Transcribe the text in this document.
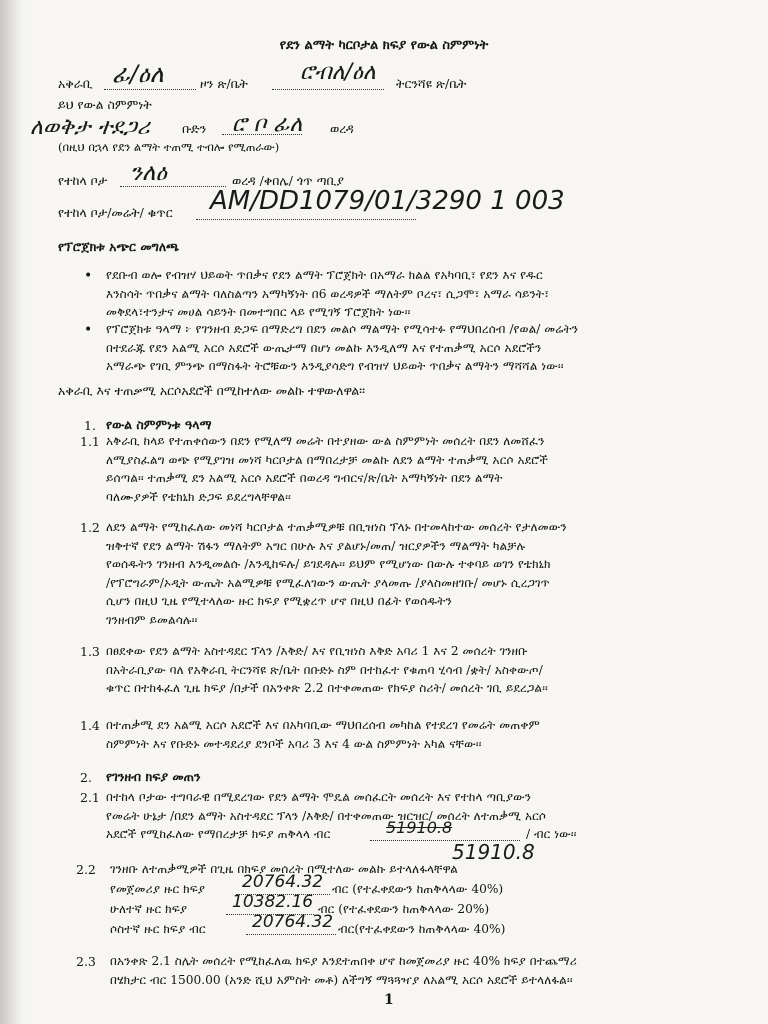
የደን ልማት ካርቦታል ክፍያ የውል ስምምነት
አቅራቢ ፊ/ዕለ	ዞን ጽ/ቤት ሮብለ/ዕለ ትርንሻዩ ጽ/ቤት
ይህ የውል ስምምነት
ለወቅታ ተደጋሪ	ቡድን ሮ ቦ ፊለ ወረዳ
(በዚህ በኋላ የደን ልማት ተጠሚ ተብሎ የሚጠራው)
የተከላ ቦታ ንለዕ	ወረዳ /ቀበሌ/ ጎጥ ጣቢያ
የተከላ ቦታ/መሬት/ ቁጥር AM/DD1079/01/3290 1 003
የፕሮጀክቱ አጭር መግለጫ
• የደቡብ ወሎ የብዝሃ ህይወት ጥበቃና የደን ልማት ፕሮጀክት በአማራ ክልል የአካባቢ፣ የደን እና የዱር
እንስሳት ጥበቃና ልማት ባለስልጣን አማካኝነት በ6 ወረዳዎች ማለትም ቦረና፣ ሲጋሞ፣ አማራ ሳይንት፣
መቅደላ፣ተንታና መሀል ሳይንት በመተግበር ላይ የሚገኝ ፕሮጀክት ነው፡፡
• የፕሮጀክቱ ዓላማ ፦ የገንዘብ ድጋፍ በማድረግ በደን መልሶ ማልማት የሚሳተፉ የማህበረሰብ /የወል/ መሬትን
በተደራጁ የደን አልሚ አርሶ አደሮች ውጤታማ በሆነ መልኩ እንዲለማ እና የተጠቃሚ አርሶ አደሮችን
አማራጭ የገቢ ምንጭ በማስፋት ትሮቹውን እንዲያሳድግ የብዝሃ ህይወት ጥበቃና ልማትን ማሻሻል ነው፡፡
አቅራቢ እና ተጠቃሚ አርሶአደሮች በሚከተለው መልኩ ተዋውለዋል፡፡
1. የውል ስምምነቱ ዓላማ
1.1 አቅራቢ ከላይ የተጠቀሰውን በደን የሚለማ መሬት በተያዘው ውል ስምምነት መሰረት በደን ለመሸፈን
ለሚያስፈልግ ወጭ የሚያገዝ መነሻ ካርቦታል በማበረታቻ መልኩ ለደን ልማት ተጠቃሚ አርሶ አደሮች
ይሰጣል፡፡ ተጠቃሚ ደን አልሚ አርሶ አደሮች በወረዳ ግብርና/ጽ/ቤት አማካኝነት በደን ልማት
ባለሙያዎች የቴክኒክ ድጋፍ ይደረግላቸዋል፡፡
1.2 ለደን ልማት የሚከፈለው መነሻ ካርቦታል ተጠቃሚዎቹ በቢዝነስ ፕላኑ በተመላከተው መሰረት የታለመውን
ዝቅተኛ የደን ልማት ሽፋን ማለትም አግር በሁሉ እና ያልሆኑ/መጠ/ ዝርያዎችን ማልማት ካልቻሉ
የወሰዱትን ገንዘብ እንዲመልሱ /እንዲከፍሉ/ ይገደዳሉ፡፡ ይህም የሚሆነው በውሉ ተቀባይ ወገን የቴክኒክ
/የፕሮግራም/ኦዲት ውጤት አልሚዎቹ የሚፈለገውን ውጤት ያላመጡ /ያላስመዘገቡ/ መሆኑ ሲረጋገጥ
ሲሆን በዚህ ጊዜ የሚተላለው ዙር ክፍያ የሚቋረጥ ሆኖ በዚህ በፊት የወሰዱትን
ገንዘብም ይመልሳሉ፡፡
1.3 በፀደቀው የደን ልማት አስተዳደር ፕላን /እቅድ/ እና የቢዝነስ እቅድ አባሪ 1 እና 2 መሰረት ገንዘቡ
በአትራቢያው ባለ የአቅራቢ ትርንሻዩ ጽ/ቤት በቡድኑ ስም በተከፈተ የቁጠባ ሂሳብ /ቋት/ አስቀውጦ/
ቁጥር በተከፋፈለ ጊዜ ክፍያ /በታች በአንቀጽ 2.2 በተቀመጠው የክፍያ ስሪት/ መሰረት ገቢ ይደረጋል፡፡
1.4 በተጠቃሚ ደን አልሚ አርሶ አደሮች እና በአካባቢው ማህበረሰብ መካከል የተደረገ የመሬት መጠቀም
ስምምነት እና የቡድኑ መተዳደሪያ ደንቦች አባሪ 3 እና 4 ውል ስምምነት አካል ናቸው፡፡
2. የገንዘብ ክፍያ መጠን
2.1 በተከላ ቦታው ተግባራዊ በሚደረገው የደን ልማት ሞዴል መሰፈርት መሰረት እና የተከላ ጣቢያውን
የመሬት ሁኔታ /በደን ልማት አስተዳደር ፕላን /እቅድ/ በተቀመጠው ዝርዝር/ መሰረት ለተጠቃሚ አርሶ
አደሮች የሚከፈለው የማበረታቻ ክፍያ ጠቅላላ ብር	51910.8	/ ብር ነው፡፡
51910.8
2.2 ገንዘቡ ለተጠቃሚዎች በጊዜ በክፍያ መሰረት በሚተለው መልኩ ይተላለፋላቸዋል
የመጀመሪያ ዙር ክፍያ 20764.32 ብር (የተፈቀደውን ከጠቅላላው 40%)
ሁለተኛ ዙር ክፍያ	10382.16 ብር (የተፈቀደውን ከጠቅላላው 20%)
ሶስተኛ ዙር ክፍያ ብር	20764.32 ብር(የተፈቀደውን ከጠቅላላው 40%)
2.3 በአንቀጽ 2.1 ስሌት መሰረት የሚከፈለዉ ክፍያ እንደተጠበቀ ሆኖ ከመጀመሪያ ዙር 40% ክፍያ በተጨማሪ
በሄክታር ብር 1500.00 (አንድ ሺህ አምስት መቶ) ለችግኝ ማጓጓዣያ ለአልሚ አርሶ አደሮች ይተላለፋል፡፡
1
